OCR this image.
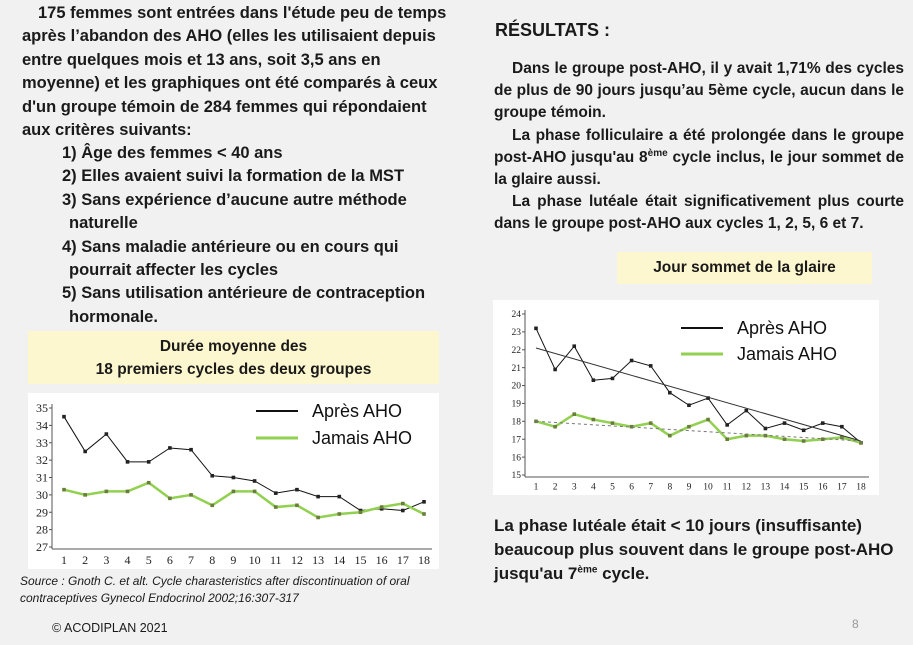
175 femmes sont entrées dans l'étude peu de temps après l’abandon des AHO (elles les utilisaient depuis entre quelques mois et 13 ans, soit 3,5 ans en moyenne) et les graphiques ont été comparés à ceux d'un groupe témoin de 284 femmes qui répondaient aux critères suivants:

1) Âge des femmes < 40 ans
2) Elles avaient suivi la formation de la MST
3) Sans expérience d’aucune autre méthode naturelle
4) Sans maladie antérieure ou en cours qui pourrait affecter les cycles
5) Sans utilisation antérieure de contraception hormonale.
Durée moyenne des
18 premiers cycles des deux groupes
27
28
29
30
31
32
33
34
35
1 2 3 4 5 6 7 8 9 10 11 12 13 14 15 16 17 18
Après AHO
Jamais AHO
Source : Gnoth C. et alt. Cycle charasteristics after discontinuation of oral contraceptives Gynecol Endocrinol 2002;16:307-317
© ACODIPLAN 2021	8
RÉSULTATS :

Dans le groupe post-AHO, il y avait 1,71% des cycles de plus de 90 jours jusqu’au 5ème cycle, aucun dans le groupe témoin.

La phase folliculaire a été prolongée dans le groupe post-AHO jusqu'au 8ème cycle inclus, le jour sommet de la glaire aussi.

La phase lutéale était significativement plus courte dans le groupe post-AHO aux cycles 1, 2, 5, 6 et 7.

Jour sommet de la glaire
15
16
17
18
19
20
21
22
23
24
1 2 3 4 5 6 7 8 9 10 11 12 13 14 15 16 17 18
Après AHO
Jamais AHO
La phase lutéale était < 10 jours (insuffisante) beaucoup plus souvent dans le groupe post-AHO jusqu'au 7ème cycle.
